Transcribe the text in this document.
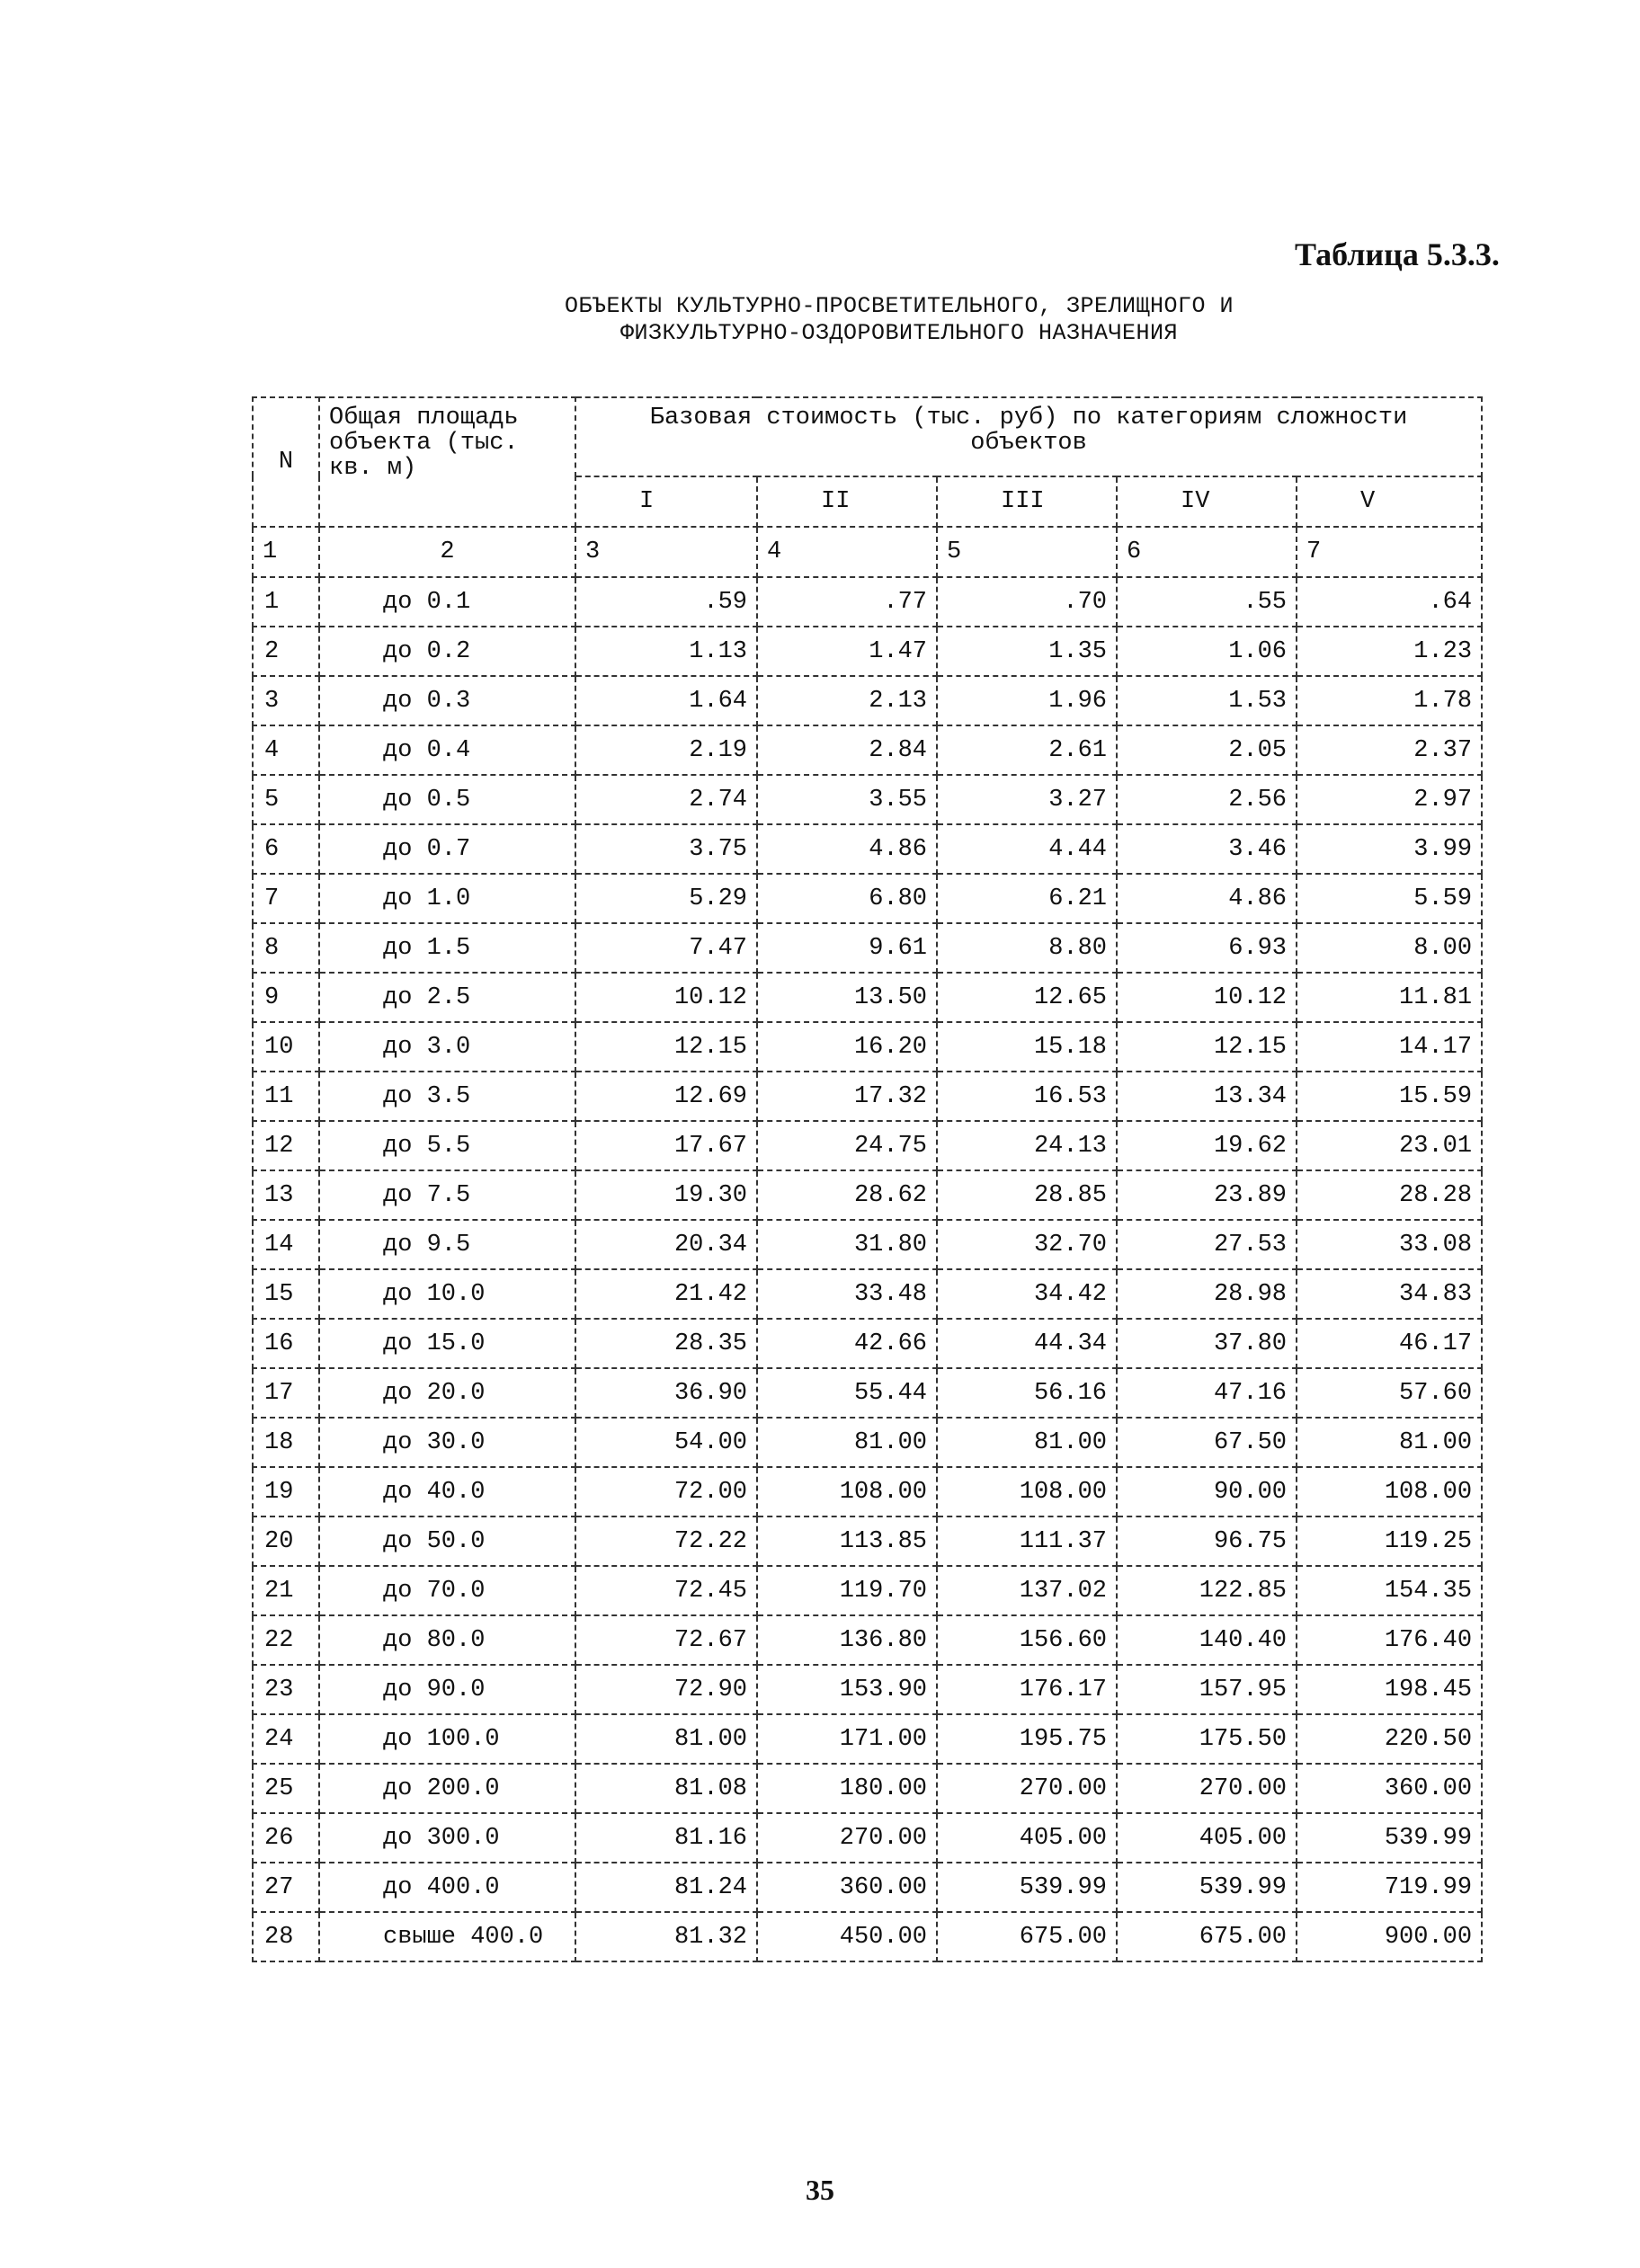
Таблица 5.3.3.
ОБЪЕКТЫ КУЛЬТУРНО-ПРОСВЕТИТЕЛЬНОГО, ЗРЕЛИЩНОГО И
ФИЗКУЛЬТУРНО-ОЗДОРОВИТЕЛЬНОГО НАЗНАЧЕНИЯ
N	Общая площадь объекта (тыс. кв. м)	Базовая стоимость (тыс. руб) по категориям сложности объектов				
		I	II	III	IV	V
1	2	3	4	5	6	7
1	до 0.1	.59	.77	.70	.55	.64
2	до 0.2	1.13	1.47	1.35	1.06	1.23
3	до 0.3	1.64	2.13	1.96	1.53	1.78
4	до 0.4	2.19	2.84	2.61	2.05	2.37
5	до 0.5	2.74	3.55	3.27	2.56	2.97
6	до 0.7	3.75	4.86	4.44	3.46	3.99
7	до 1.0	5.29	6.80	6.21	4.86	5.59
8	до 1.5	7.47	9.61	8.80	6.93	8.00
9	до 2.5	10.12	13.50	12.65	10.12	11.81
10	до 3.0	12.15	16.20	15.18	12.15	14.17
11	до 3.5	12.69	17.32	16.53	13.34	15.59
12	до 5.5	17.67	24.75	24.13	19.62	23.01
13	до 7.5	19.30	28.62	28.85	23.89	28.28
14	до 9.5	20.34	31.80	32.70	27.53	33.08
15	до 10.0	21.42	33.48	34.42	28.98	34.83
16	до 15.0	28.35	42.66	44.34	37.80	46.17
17	до 20.0	36.90	55.44	56.16	47.16	57.60
18	до 30.0	54.00	81.00	81.00	67.50	81.00
19	до 40.0	72.00	108.00	108.00	90.00	108.00
20	до 50.0	72.22	113.85	111.37	96.75	119.25
21	до 70.0	72.45	119.70	137.02	122.85	154.35
22	до 80.0	72.67	136.80	156.60	140.40	176.40
23	до 90.0	72.90	153.90	176.17	157.95	198.45
24	до 100.0	81.00	171.00	195.75	175.50	220.50
25	до 200.0	81.08	180.00	270.00	270.00	360.00
26	до 300.0	81.16	270.00	405.00	405.00	539.99
27	до 400.0	81.24	360.00	539.99	539.99	719.99
28	свыше 400.0	81.32	450.00	675.00	675.00	900.00
35
